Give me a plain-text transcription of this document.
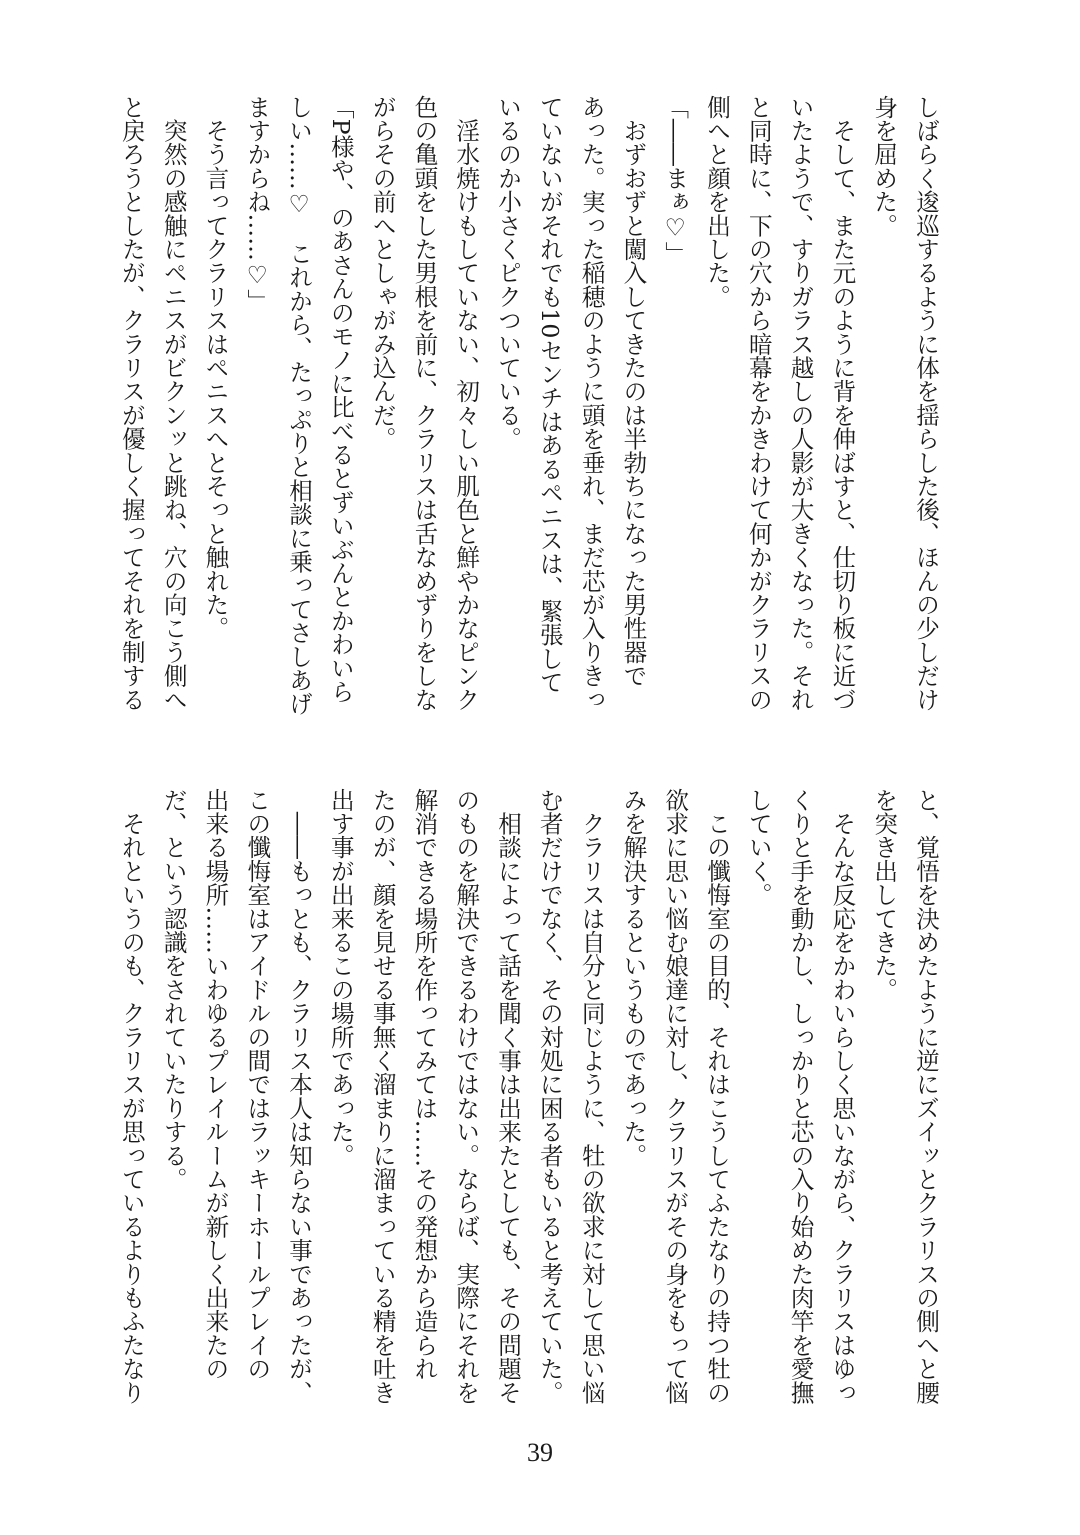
しばらく逡巡するように体を揺らした後、ほんの少しだけ
身を屈めた。
　そして、また元のように背を伸ばすと、仕切り板に近づ
いたようで、すりガラス越しの人影が大きくなった。それ
と同時に、下の穴から暗幕をかきわけて何かがクラリスの
側へと顔を出した。
「――まぁ♡」
　おずおずと闖入してきたのは半勃ちになった男性器で
あった。実った稲穂のように頭を垂れ、まだ芯が入りきっ
ていないがそれでも10センチはあるペニスは、緊張して
いるのか小さくピクついている。
　淫水焼けもしていない、初々しい肌色と鮮やかなピンク
色の亀頭をした男根を前に、クラリスは舌なめずりをしな
がらその前へとしゃがみ込んだ。
「P様や、のあさんのモノに比べるとずいぶんとかわいら
しい……♡　これから、たっぷりと相談に乗ってさしあげ
ますからね……♡」
　そう言ってクラリスはペニスへとそっと触れた。
　突然の感触にペニスがビクンッと跳ね、穴の向こう側へ
と戻ろうとしたが、クラリスが優しく握ってそれを制する
と、覚悟を決めたように逆にズイッとクラリスの側へと腰
を突き出してきた。
　そんな反応をかわいらしく思いながら、クラリスはゆっ
くりと手を動かし、しっかりと芯の入り始めた肉竿を愛撫
していく。
　この懺悔室の目的、それはこうしてふたなりの持つ牡の
欲求に思い悩む娘達に対し、クラリスがその身をもって悩
みを解決するというものであった。
　クラリスは自分と同じように、牡の欲求に対して思い悩
む者だけでなく、その対処に困る者もいると考えていた。
　相談によって話を聞く事は出来たとしても、その問題そ
のものを解決できるわけではない。ならば、実際にそれを
解消できる場所を作ってみては……その発想から造られ
たのが、顔を見せる事無く溜まりに溜まっている精を吐き
出す事が出来るこの場所であった。
　――もっとも、クラリス本人は知らない事であったが、
この懺悔室はアイドルの間ではラッキーホールプレイの
出来る場所……いわゆるプレイルームが新しく出来たの
だ、という認識をされていたりする。
　それというのも、クラリスが思っているよりもふたなり
39
